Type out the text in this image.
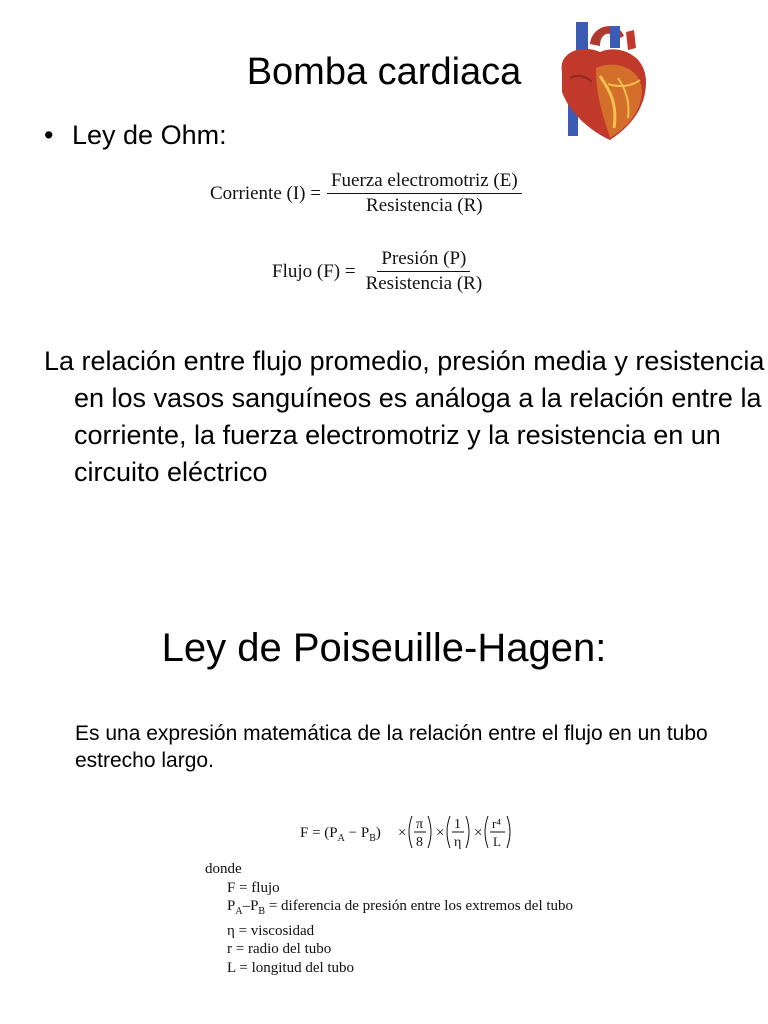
Bomba cardiaca
• Ley de Ohm:
Corriente $(I) = \frac{\text{Fuerza electromotriz (E)}}{\text{Resistencia (R)}}$
Flujo $(F) = \frac{\text{Presión (P)}}{\text{Resistencia (R)}}$
La relación entre flujo promedio, presión media y resistencia en los vasos sanguíneos es análoga a la relación entre la corriente, la fuerza electromotriz y la resistencia en un circuito eléctrico
Ley de Poiseuille-Hagen:
Es una expresión matemática de la relación entre el flujo en un tubo estrecho largo.
$F = (P_A - P_B)$ ×
π
8
×
1
η
×
r⁴
L
donde
F = flujo
$P_A-P_B$ = diferencia de presión entre los extremos del tubo
η = viscosidad
r = radio del tubo
L = longitud del tubo
